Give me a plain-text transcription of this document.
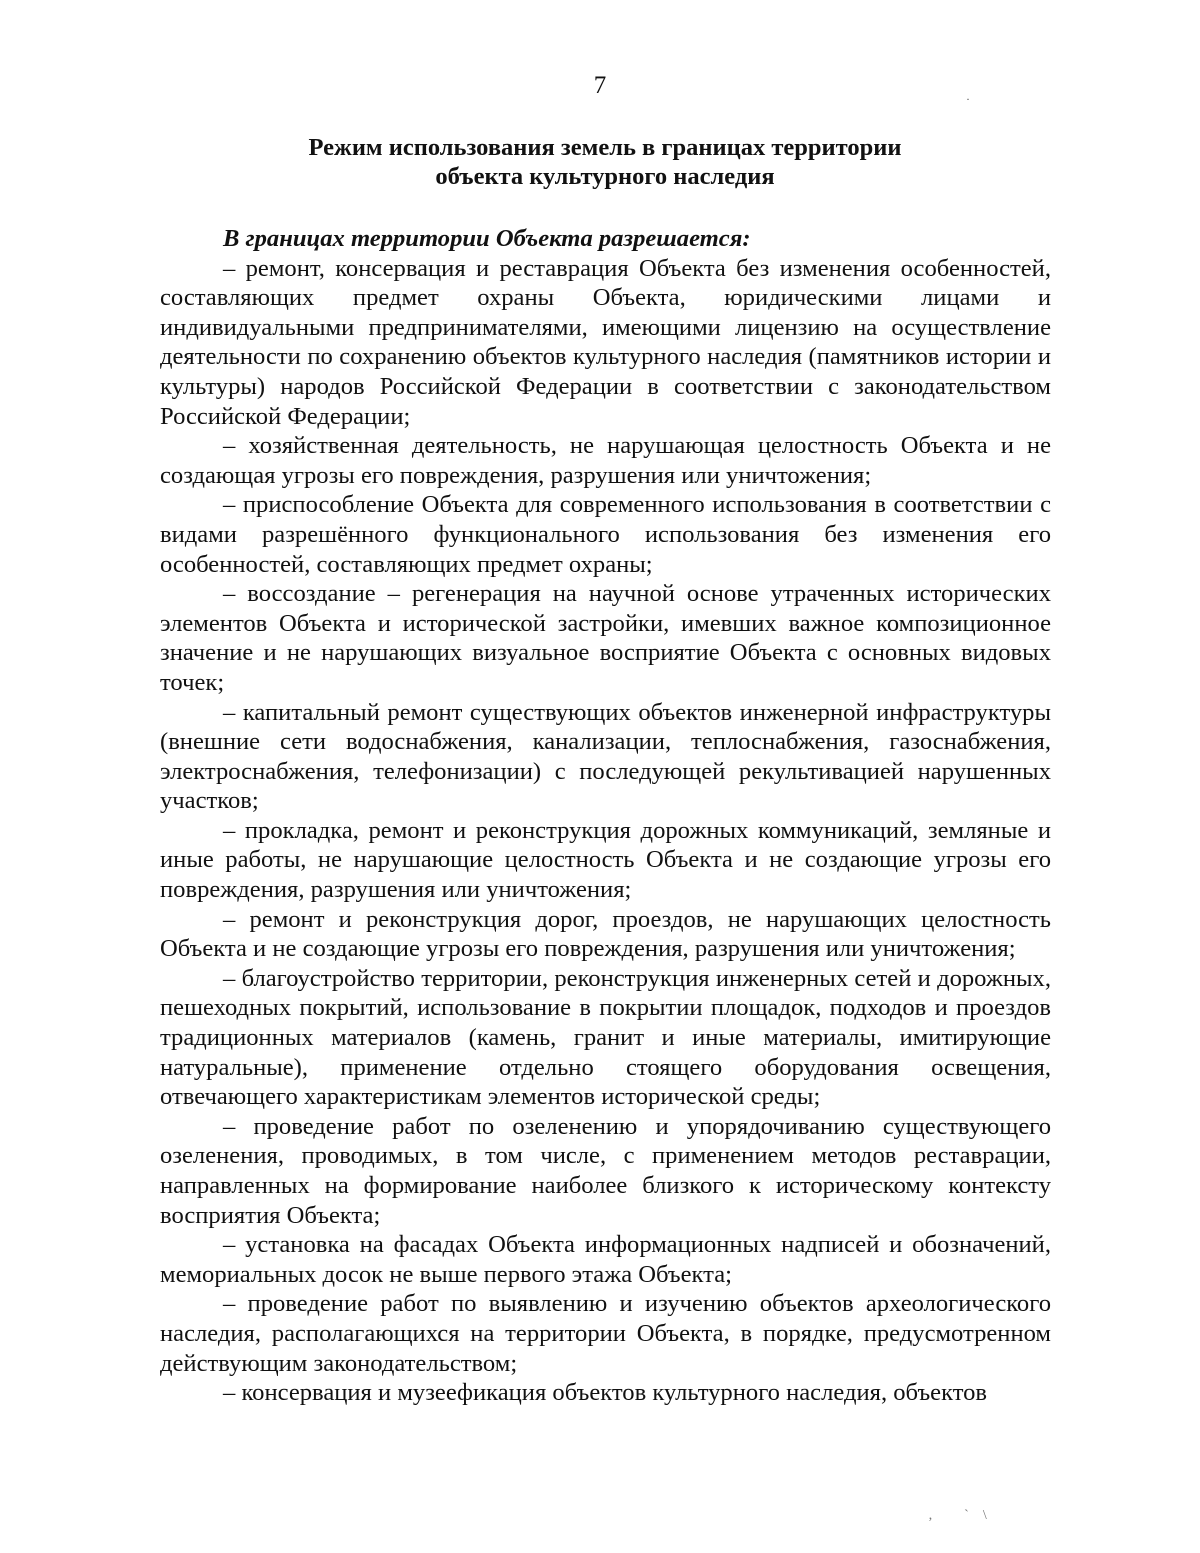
7	·
Режим использования земель в границах территории
объекта культурного наследия

В границах территории Объекта разрешается:

– ремонт, консервация и реставрация Объекта без изменения особенностей, составляющих предмет охраны Объекта, юридическими лицами и индивидуальными предпринимателями, имеющими лицензию на осуществление деятельности по сохранению объектов культурного наследия (памятников истории и культуры) народов Российской Федерации в соответствии с законодательством Российской Федерации;

– хозяйственная деятельность, не нарушающая целостность Объекта и не создающая угрозы его повреждения, разрушения или уничтожения;

– приспособление Объекта для современного использования в соответствии с видами разрешённого функционального использования без изменения его особенностей, составляющих предмет охраны;

– воссоздание – регенерация на научной основе утраченных исторических элементов Объекта и исторической застройки, имевших важное композиционное значение и не нарушающих визуальное восприятие Объекта с основных видовых точек;

– капитальный ремонт существующих объектов инженерной инфраструктуры (внешние сети водоснабжения, канализации, теплоснабжения, газоснабжения, электроснабжения, телефонизации) с последующей рекультивацией нарушенных участков;

– прокладка, ремонт и реконструкция дорожных коммуникаций, земляные и иные работы, не нарушающие целостность Объекта и не создающие угрозы его повреждения, разрушения или уничтожения;

– ремонт и реконструкция дорог, проездов, не нарушающих целостность Объекта и не создающие угрозы его повреждения, разрушения или уничтожения;

– благоустройство территории, реконструкция инженерных сетей и дорожных, пешеходных покрытий, использование в покрытии площадок, подходов и проездов традиционных материалов (камень, гранит и иные материалы, имитирующие натуральные), применение отдельно стоящего оборудования освещения, отвечающего характеристикам элементов исторической среды;

– проведение работ по озеленению и упорядочиванию существующего озеленения, проводимых, в том числе, с применением методов реставрации, направленных на формирование наиболее близкого к историческому контексту восприятия Объекта;

– установка на фасадах Объекта информационных надписей и обозначений, мемориальных досок не выше первого этажа Объекта;

– проведение работ по выявлению и изучению объектов археологического наследия, располагающихся на территории Объекта, в порядке, предусмотренном действующим законодательством;

– консервация и музеефикация объектов культурного наследия, объектов

‚ `\
